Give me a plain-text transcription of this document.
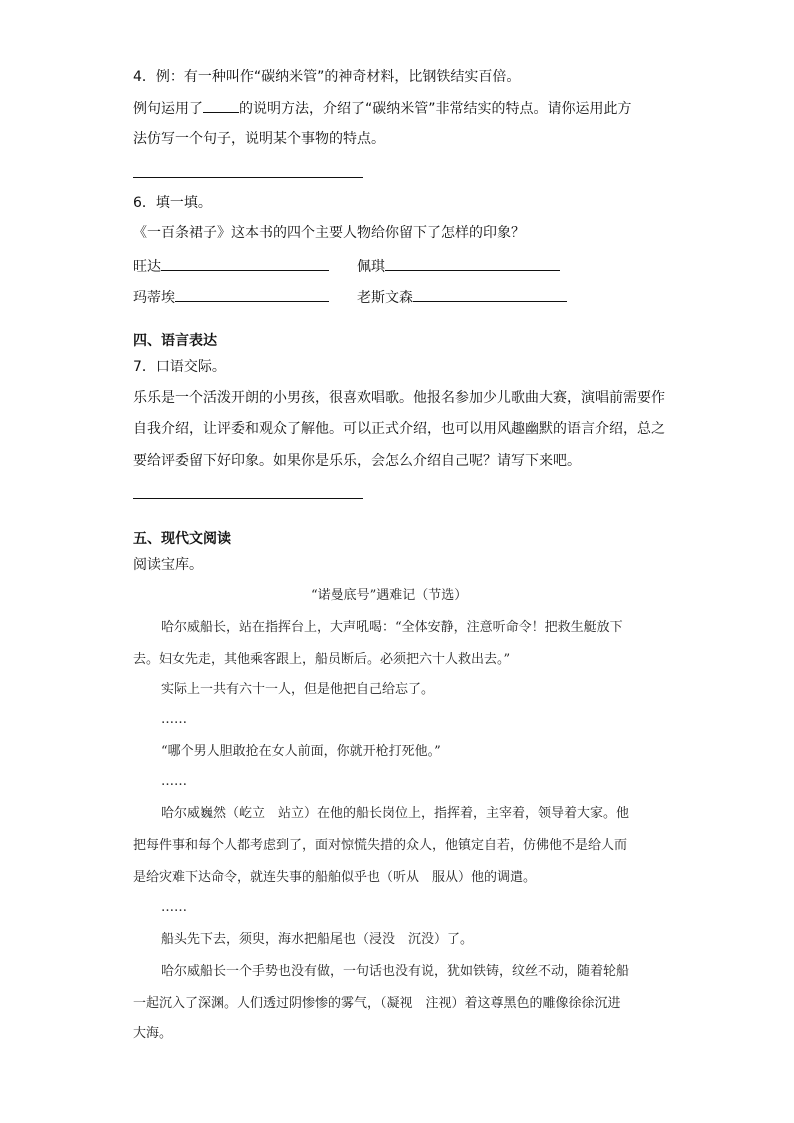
4．例：有一种叫作“碳纳米管”的神奇材料，比钢铁结实百倍。
例句运用了	的说明方法，介绍了“碳纳米管”非常结实的特点。请你运用此方
法仿写一个句子，说明某个事物的特点。
6．填一填。
《一百条裙子》这本书的四个主要人物给你留下了怎样的印象？
旺达	佩琪
玛蒂埃	老斯文森
四、语言表达
7．口语交际。
乐乐是一个活泼开朗的小男孩，很喜欢唱歌。他报名参加少儿歌曲大赛，演唱前需要作
自我介绍，让评委和观众了解他。可以正式介绍，也可以用风趣幽默的语言介绍，总之
要给评委留下好印象。如果你是乐乐，会怎么介绍自己呢？请写下来吧。
五、现代文阅读
阅读宝库。
“诺曼底号”遇难记（节选）
哈尔威船长，站在指挥台上，大声吼喝：“全体安静，注意听命令！把救生艇放下
去。妇女先走，其他乘客跟上，船员断后。必须把六十人救出去。”
实际上一共有六十一人，但是他把自己给忘了。
……
“哪个男人胆敢抢在女人前面，你就开枪打死他。”
……
哈尔威巍然（屹立　站立）在他的船长岗位上，指挥着，主宰着，领导着大家。他
把每件事和每个人都考虑到了，面对惊慌失措的众人，他镇定自若，仿佛他不是给人而
是给灾难下达命令，就连失事的船舶似乎也（听从　服从）他的调遣。
……
船头先下去，须臾，海水把船尾也（浸没　沉没）了。
哈尔威船长一个手势也没有做，一句话也没有说，犹如铁铸，纹丝不动，随着轮船
一起沉入了深渊。人们透过阴惨惨的雾气，（凝视　注视）着这尊黑色的雕像徐徐沉进
大海。
